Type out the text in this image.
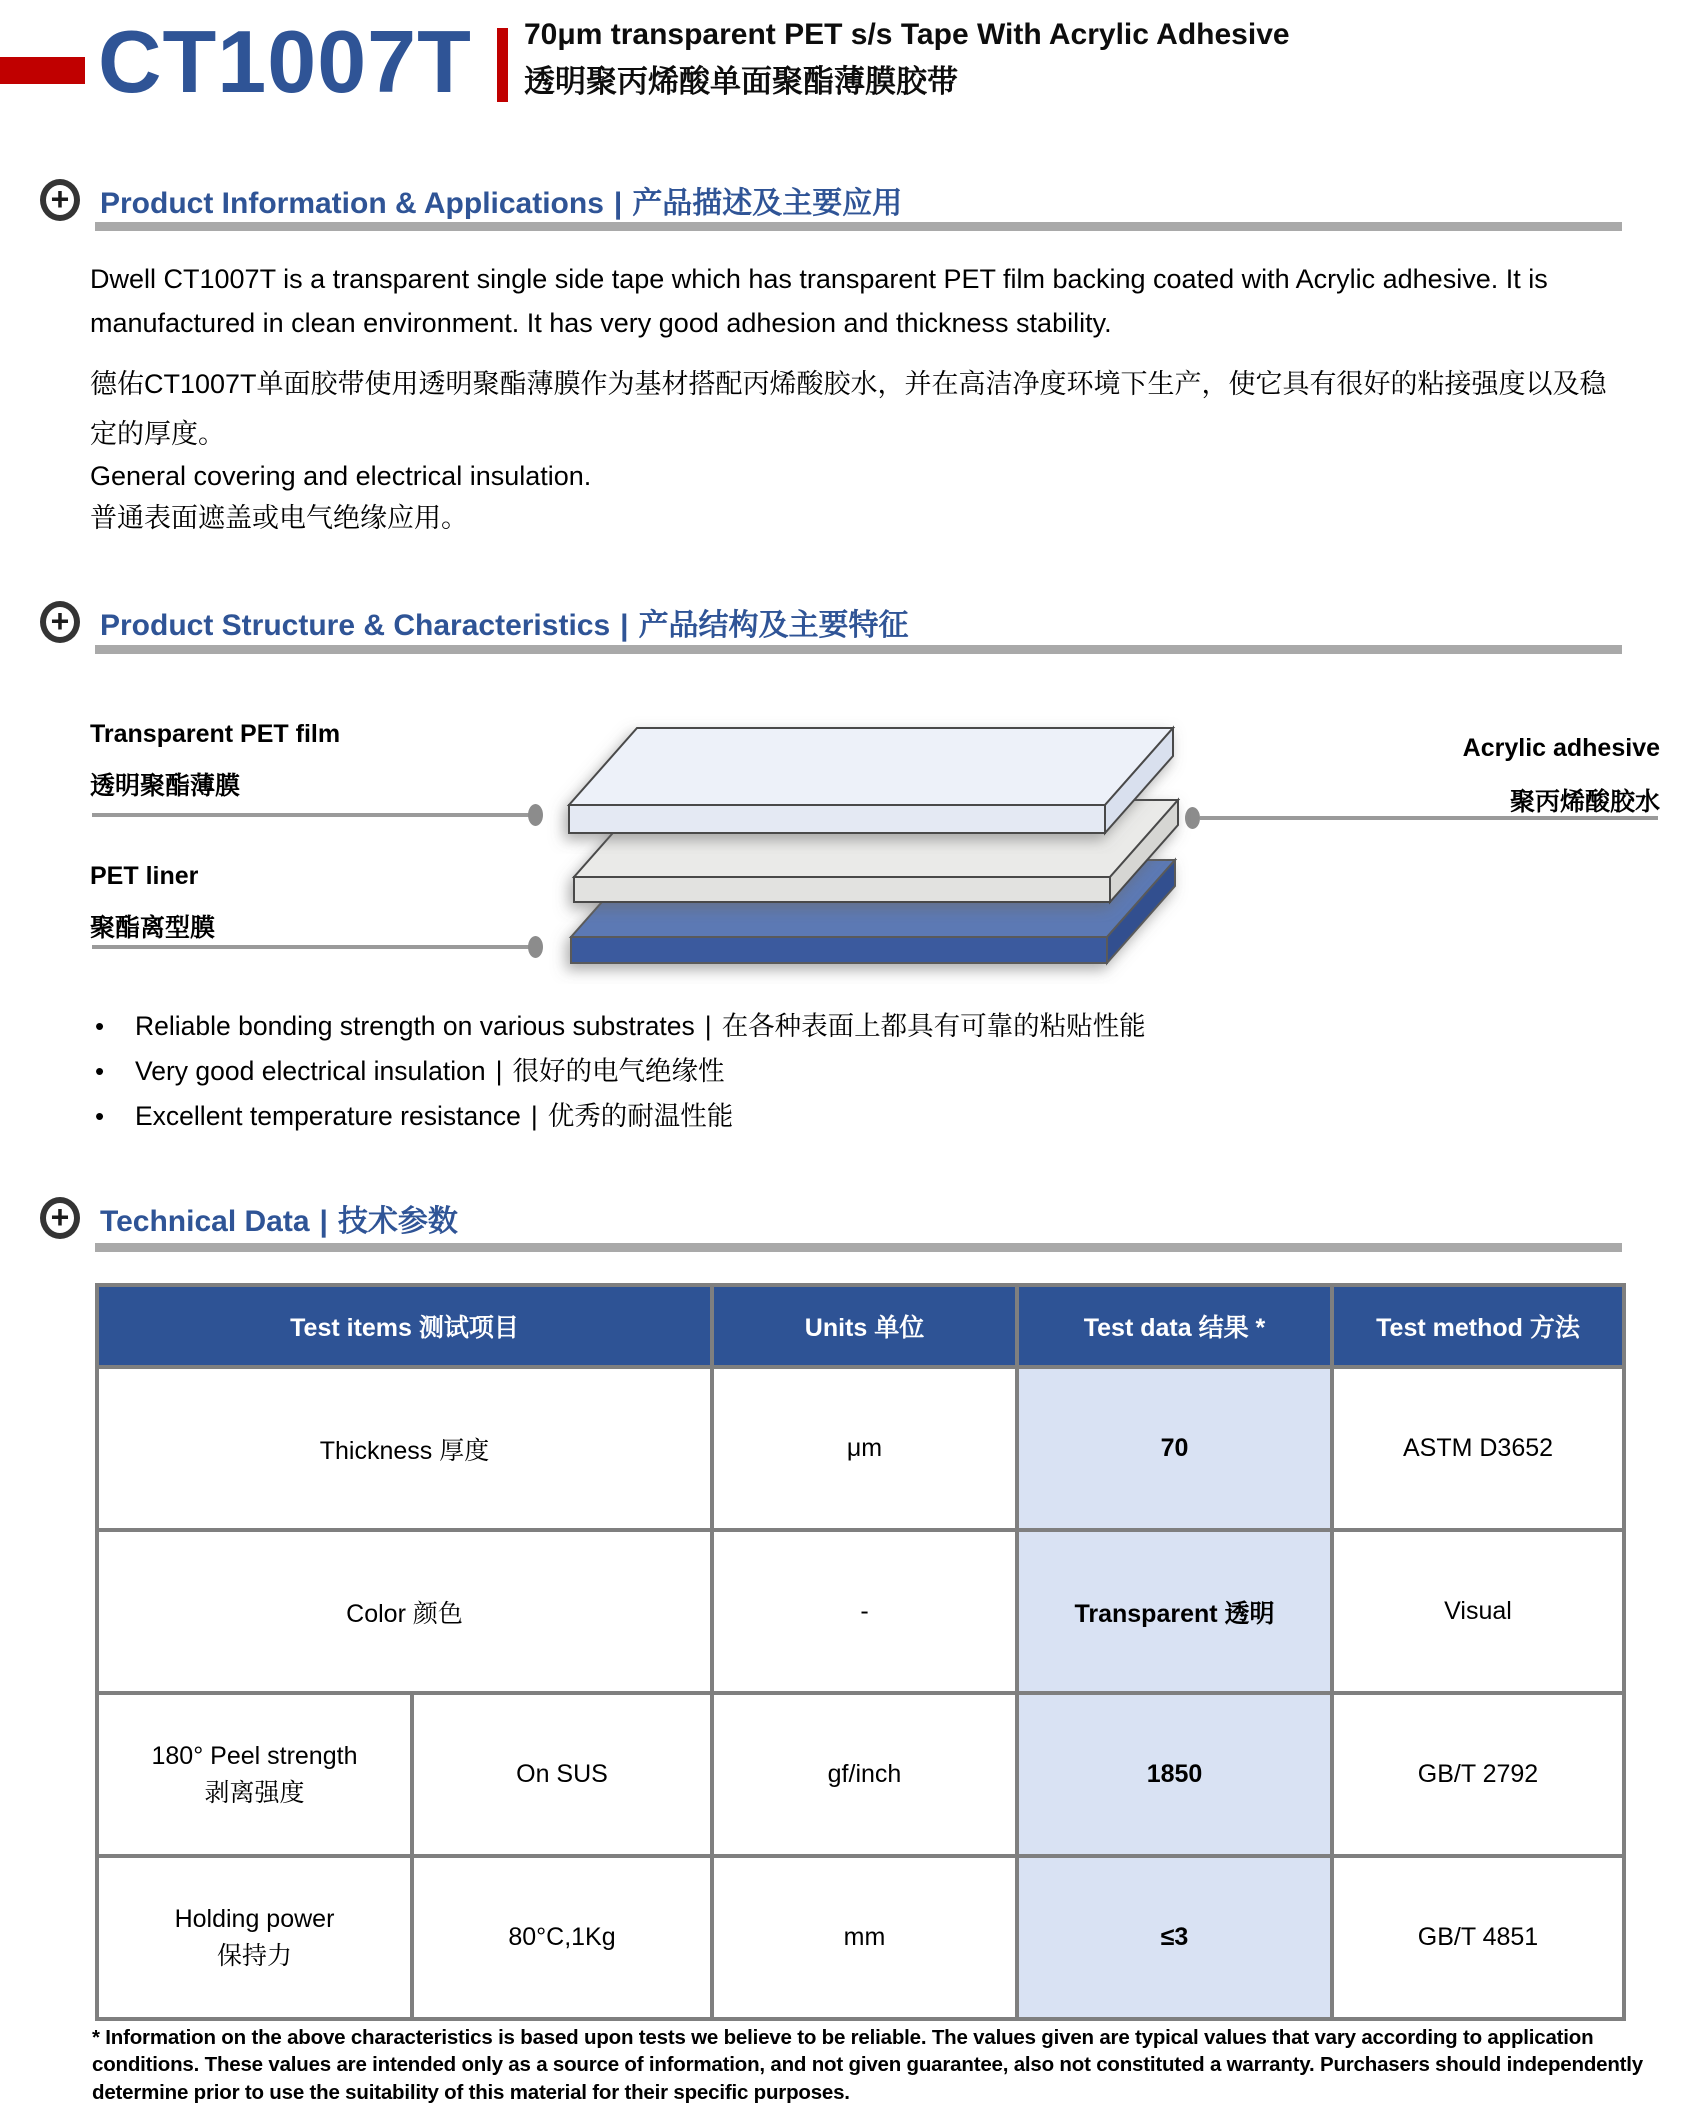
CT1007T 70μm transparent PET s/s Tape With Acrylic Adhesive
透明聚丙烯酸单面聚酯薄膜胶带
+ Product Information & Applications | 产品描述及主要应用
Dwell CT1007T is a transparent single side tape which has transparent PET film backing coated with Acrylic adhesive. It is manufactured in clean environment. It has very good adhesion and thickness stability.
德佑CT1007T单面胶带使用透明聚酯薄膜作为基材搭配丙烯酸胶水，并在高洁净度环境下生产，使它具有很好的粘接强度以及稳定的厚度。
General covering and electrical insulation.
普通表面遮盖或电气绝缘应用。
+ Product Structure & Characteristics | 产品结构及主要特征
Transparent PET film
透明聚酯薄膜
PET liner
聚酯离型膜
Acrylic adhesive
聚丙烯酸胶水
•	Reliable bonding strength on various substrates | 在各种表面上都具有可靠的粘贴性能
•	Very good electrical insulation | 很好的电气绝缘性
•	Excellent temperature resistance | 优秀的耐温性能
+ Technical Data | 技术参数
Test items 测试项目		Units 单位	Test data 结果 *	Test method 方法
Thickness 厚度		μm	70	ASTM D3652
Color 颜色		-	Transparent 透明	Visual

180° Peel strength
剥离强度	On SUS	gf/inch	1850	GB/T 2792

Holding power
保持力	80°C,1Kg	mm	≤3	GB/T 4851
* Information on the above characteristics is based upon tests we believe to be reliable. The values given are typical values that vary according to application conditions. These values are intended only as a source of information, and not given guarantee, also not constituted a warranty. Purchasers should independently determine prior to use the suitability of this material for their specific purposes.
